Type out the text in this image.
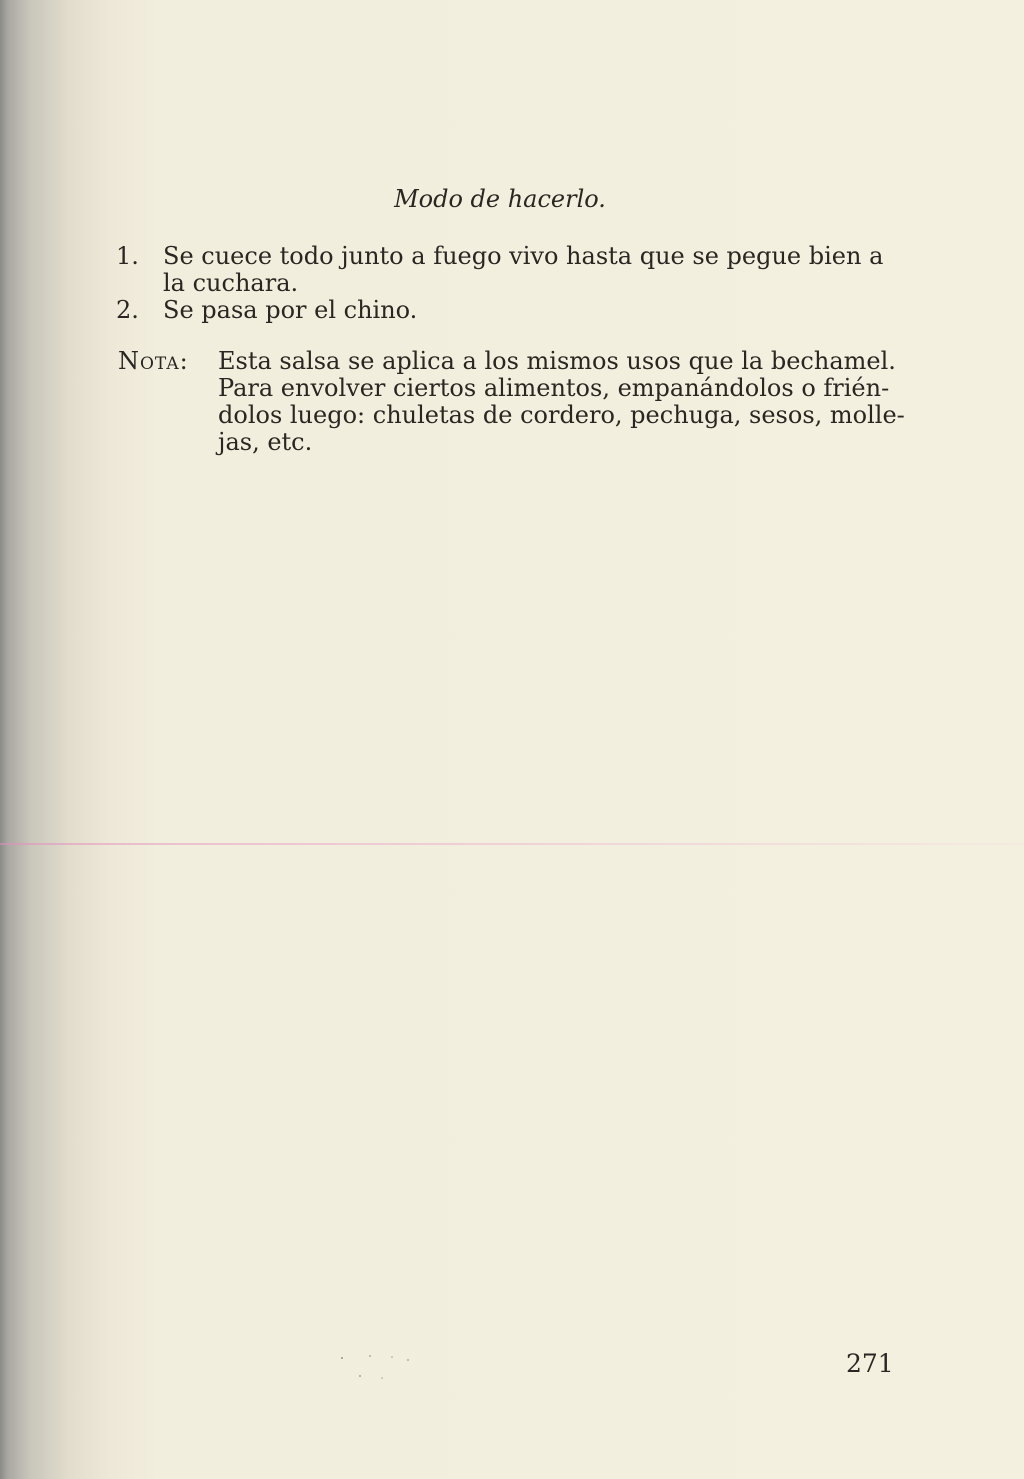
Modo de hacerlo.
1. Se cuece todo junto a fuego vivo hasta que se pegue bien a
la cuchara.
2. Se pasa por el chino.
Nota: Esta salsa se aplica a los mismos usos que la bechamel.
Para envolver ciertos alimentos, empanándolos o frién-
dolos luego: chuletas de cordero, pechuga, sesos, molle-
jas, etc.
271
